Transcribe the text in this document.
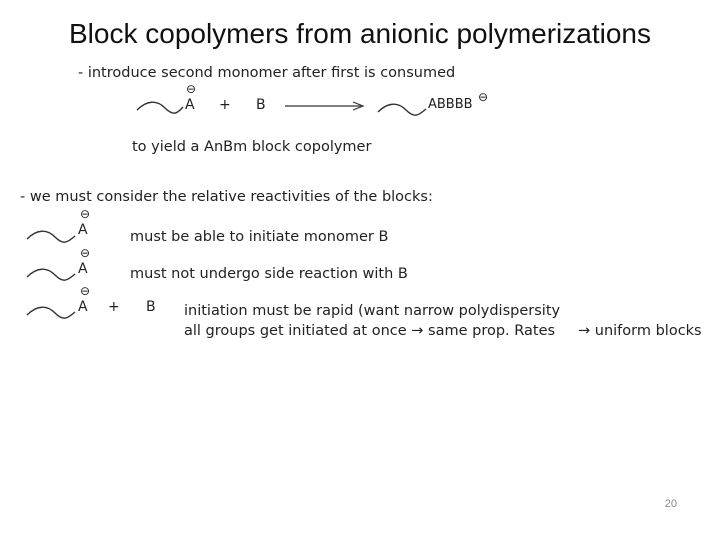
Block copolymers from anionic polymerizations
- introduce second monomer after first is consumed
⊖
A + B	ABBBB ⊖
to yield a AnBm block copolymer
- we must consider the relative reactivities of the blocks:
⊖
A	must be able to initiate monomer B
⊖
A	must not undergo side reaction with B
⊖
A + B initiation must be rapid (want narrow polydispersity
all groups get initiated at once → same prop. Rates → uniform blocks
20
